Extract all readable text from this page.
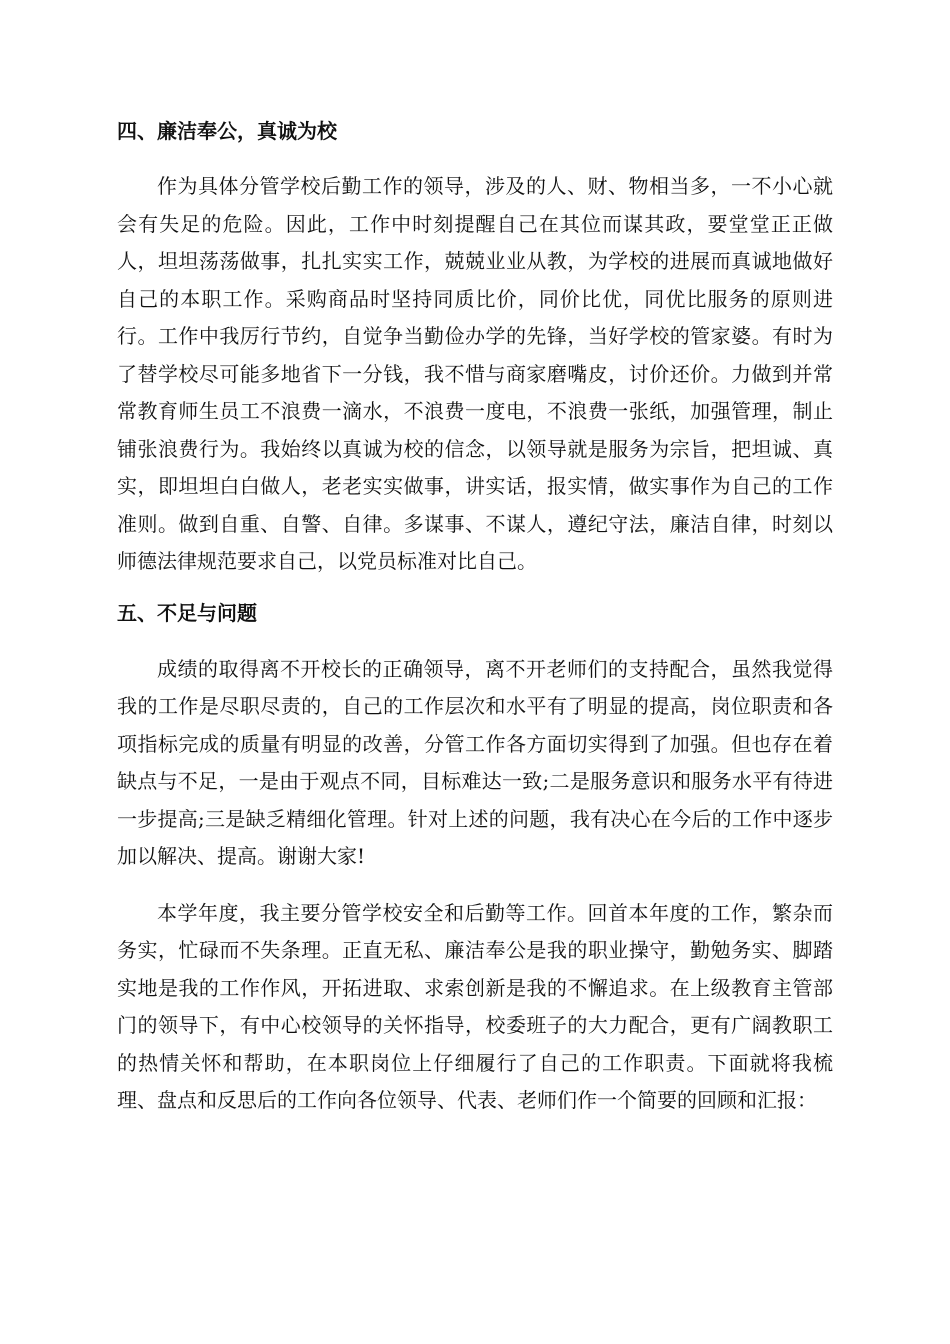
四、廉洁奉公，真诚为校

作为具体分管学校后勤工作的领导，涉及的人、财、物相当多，一不小心就会有失足的危险。因此，工作中时刻提醒自己在其位而谋其政，要堂堂正正做人，坦坦荡荡做事，扎扎实实工作，兢兢业业从教，为学校的进展而真诚地做好自己的本职工作。采购商品时坚持同质比价，同价比优，同优比服务的原则进行。工作中我厉行节约，自觉争当勤俭办学的先锋，当好学校的管家婆。有时为了替学校尽可能多地省下一分钱，我不惜与商家磨嘴皮，讨价还价。力做到并常常教育师生员工不浪费一滴水，不浪费一度电，不浪费一张纸，加强管理，制止铺张浪费行为。我始终以真诚为校的信念，以领导就是服务为宗旨，把坦诚、真实，即坦坦白白做人，老老实实做事，讲实话，报实情，做实事作为自己的工作准则。做到自重、自警、自律。多谋事、不谋人，遵纪守法，廉洁自律，时刻以师德法律规范要求自己，以党员标准对比自己。

五、不足与问题

成绩的取得离不开校长的正确领导，离不开老师们的支持配合，虽然我觉得我的工作是尽职尽责的，自己的工作层次和水平有了明显的提高，岗位职责和各项指标完成的质量有明显的改善，分管工作各方面切实得到了加强。但也存在着缺点与不足，一是由于观点不同，目标难达一致;二是服务意识和服务水平有待进一步提高;三是缺乏精细化管理。针对上述的问题，我有决心在今后的工作中逐步加以解决、提高。谢谢大家!

本学年度，我主要分管学校安全和后勤等工作。回首本年度的工作，繁杂而务实，忙碌而不失条理。正直无私、廉洁奉公是我的职业操守，勤勉务实、脚踏实地是我的工作作风，开拓进取、求索创新是我的不懈追求。在上级教育主管部门的领导下，有中心校领导的关怀指导，校委班子的大力配合，更有广阔教职工的热情关怀和帮助，在本职岗位上仔细履行了自己的工作职责。下面就将我梳理、盘点和反思后的工作向各位领导、代表、老师们作一个简要的回顾和汇报：
